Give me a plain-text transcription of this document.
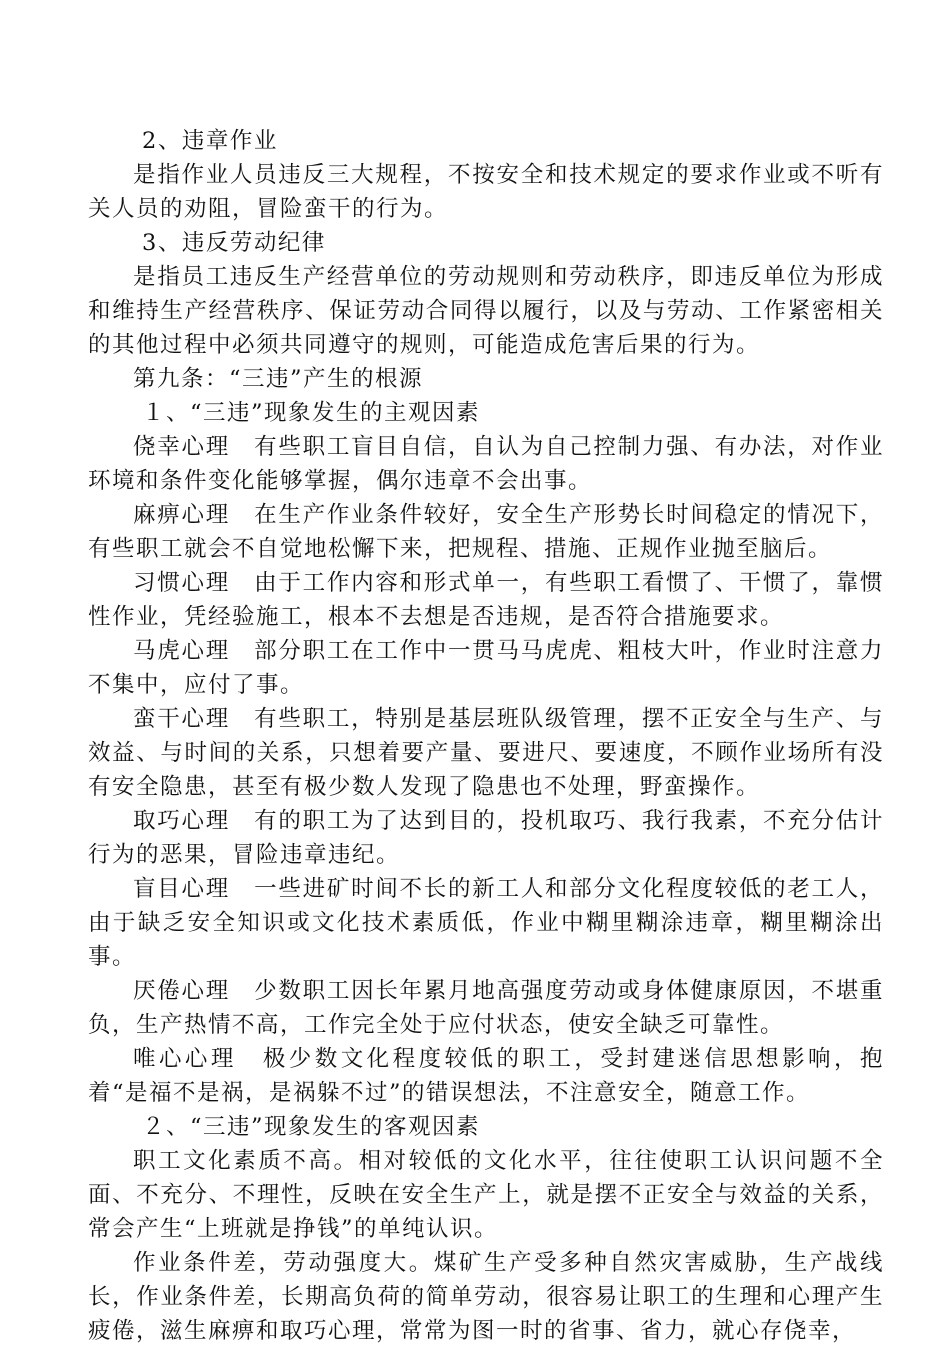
2、违章作业

是指作业人员违反三大规程，不按安全和技术规定的要求作业或不听有关人员的劝阻，冒险蛮干的行为。

3、违反劳动纪律

是指员工违反生产经营单位的劳动规则和劳动秩序，即违反单位为形成和维持生产经营秩序、保证劳动合同得以履行，以及与劳动、工作紧密相关的其他过程中必须共同遵守的规则，可能造成危害后果的行为。

第九条：“三违”产生的根源

１、“三违”现象发生的主观因素

侥幸心理　有些职工盲目自信，自认为自己控制力强、有办法，对作业环境和条件变化能够掌握，偶尔违章不会出事。

麻痹心理　在生产作业条件较好，安全生产形势长时间稳定的情况下，有些职工就会不自觉地松懈下来，把规程、措施、正规作业抛至脑后。

习惯心理　由于工作内容和形式单一，有些职工看惯了、干惯了，靠惯性作业，凭经验施工，根本不去想是否违规，是否符合措施要求。

马虎心理　部分职工在工作中一贯马马虎虎、粗枝大叶，作业时注意力不集中，应付了事。

蛮干心理　有些职工，特别是基层班队级管理，摆不正安全与生产、与效益、与时间的关系，只想着要产量、要进尺、要速度，不顾作业场所有没有安全隐患，甚至有极少数人发现了隐患也不处理，野蛮操作。

取巧心理　有的职工为了达到目的，投机取巧、我行我素，不充分估计行为的恶果，冒险违章违纪。

盲目心理　一些进矿时间不长的新工人和部分文化程度较低的老工人，由于缺乏安全知识或文化技术素质低，作业中糊里糊涂违章，糊里糊涂出事。

厌倦心理　少数职工因长年累月地高强度劳动或身体健康原因，不堪重负，生产热情不高，工作完全处于应付状态，使安全缺乏可靠性。

唯心心理　极少数文化程度较低的职工，受封建迷信思想影响，抱着“是福不是祸，是祸躲不过”的错误想法，不注意安全，随意工作。

２、“三违”现象发生的客观因素

职工文化素质不高。相对较低的文化水平，往往使职工认识问题不全面、不充分、不理性，反映在安全生产上，就是摆不正安全与效益的关系，常会产生“上班就是挣钱”的单纯认识。

作业条件差，劳动强度大。煤矿生产受多种自然灾害威胁，生产战线长，作业条件差，长期高负荷的简单劳动，很容易让职工的生理和心理产生疲倦，滋生麻痹和取巧心理，常常为图一时的省事、省力，就心存侥幸，
